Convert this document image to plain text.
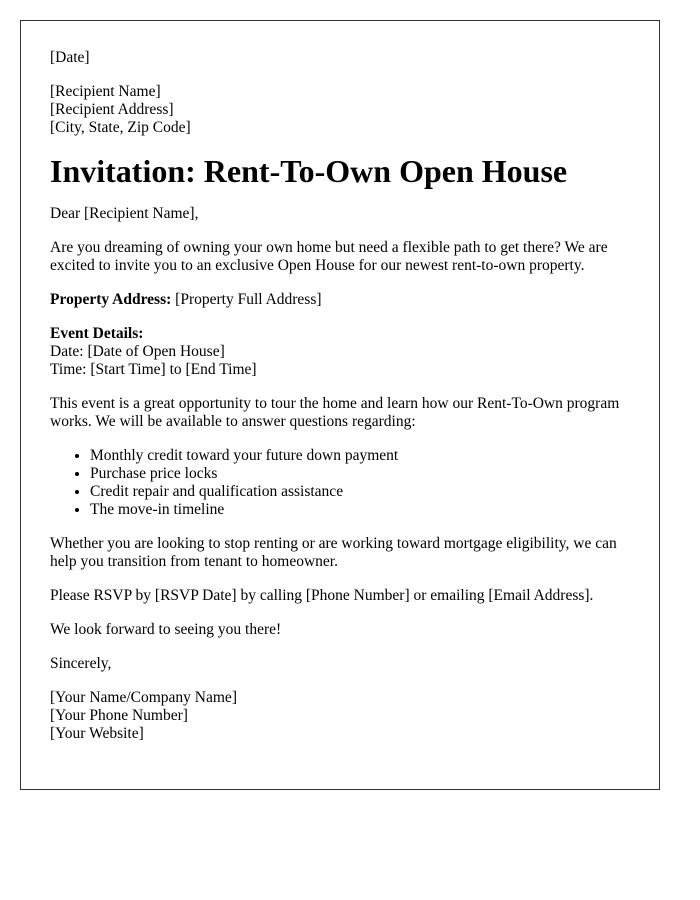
[Date]

[Recipient Name]
[Recipient Address]
[City, State, Zip Code]

Invitation: Rent-To-Own Open House

Dear [Recipient Name],

Are you dreaming of owning your own home but need a flexible path to get there? We are excited to invite you to an exclusive Open House for our newest rent-to-own property.

Property Address: [Property Full Address]

Event Details:
Date: [Date of Open House]
Time: [Start Time] to [End Time]

This event is a great opportunity to tour the home and learn how our Rent-To-Own program works. We will be available to answer questions regarding:

• Monthly credit toward your future down payment
• Purchase price locks
• Credit repair and qualification assistance
• The move-in timeline

Whether you are looking to stop renting or are working toward mortgage eligibility, we can help you transition from tenant to homeowner.

Please RSVP by [RSVP Date] by calling [Phone Number] or emailing [Email Address].

We look forward to seeing you there!

Sincerely,

[Your Name/Company Name]
[Your Phone Number]
[Your Website]
